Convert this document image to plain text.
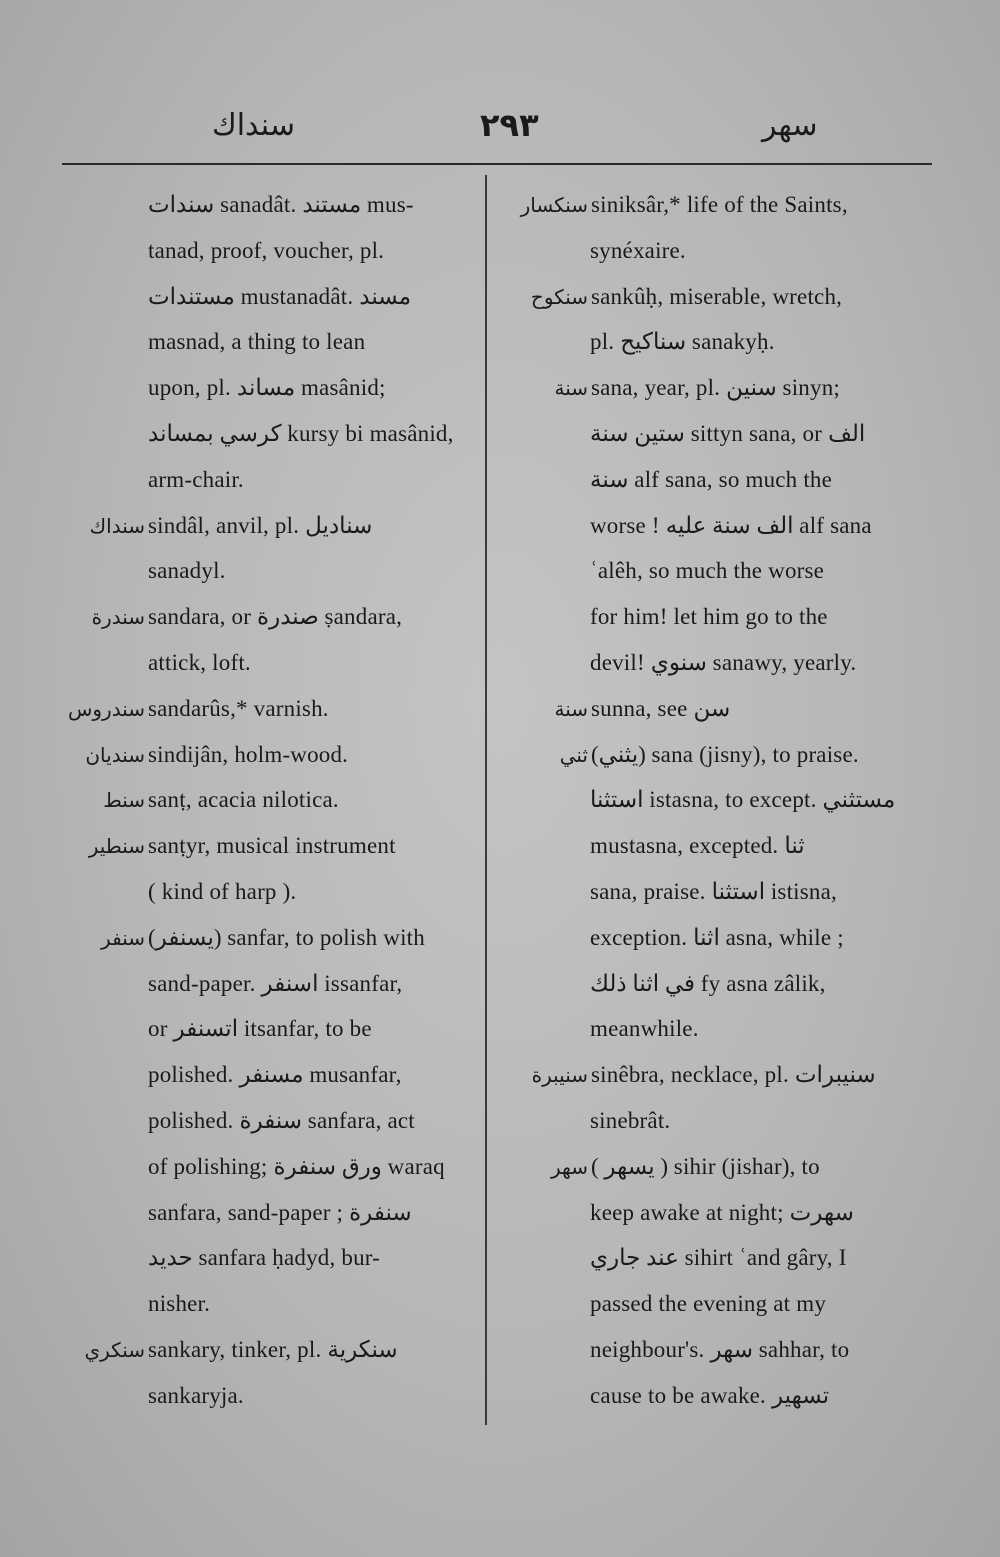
سنداك	٢٩٣	سهر
سندات sanadât. مستند mus-
tanad, proof, voucher, pl.
مستندات mustanadât. مسند
masnad, a thing to lean
upon, pl. مساند masânid;
كرسي بمساند kursy bi masânid,
arm-chair.
سنداك sindâl, anvil, pl. سناديل
sanadyl.
سندرة sandara, or صندرة ṣandara,
attick, loft.
سندروس sandarûs,* varnish.
سنديان sindijân, holm-wood.
سنط sanṭ, acacia nilotica.
سنطير sanṭyr, musical instrument
( kind of harp ).
سنفر (يسنفر) sanfar, to polish with
sand-paper. اسنفر issanfar,
or اتسنفر itsanfar, to be
polished. مسنفر musanfar,
polished. سنفرة sanfara, act
of polishing; ورق سنفرة waraq
sanfara, sand-paper ; سنفرة
حديد sanfara ḥadyd, bur-
nisher.
سنكري sankary, tinker, pl. سنكرية
sankaryja.
سنكسار siniksâr,* life of the Saints,
synéxaire.
سنكوح sankûḥ, miserable, wretch,
pl. سناكيح sanakyḥ.
سنة sana, year, pl. سنين sinyn;
ستين سنة sittyn sana, or الف
سنة alf sana, so much the
worse ! الف سنة عليه alf sana
ʿalêh, so much the worse
for him! let him go to the
devil! سنوي sanawy, yearly.
سنة sunna, see سن
ثني (يثني) sana (jisny), to praise.
استثنا istasna, to except. مستثني
mustasna, excepted. ثنا
sana, praise. استثنا istisna,
exception. اثنا asna, while ;
في اثنا ذلك fy asna zâlik,
meanwhile.
سنيبرة sinêbra, necklace, pl. سنيبرات
sinebrât.
سهر ( يسهر ) sihir (jishar), to
keep awake at night; سهرت
عند جاري sihirt ʿand gâry, I
passed the evening at my
neighbour's. سهر sahhar, to
cause to be awake. تسهير
